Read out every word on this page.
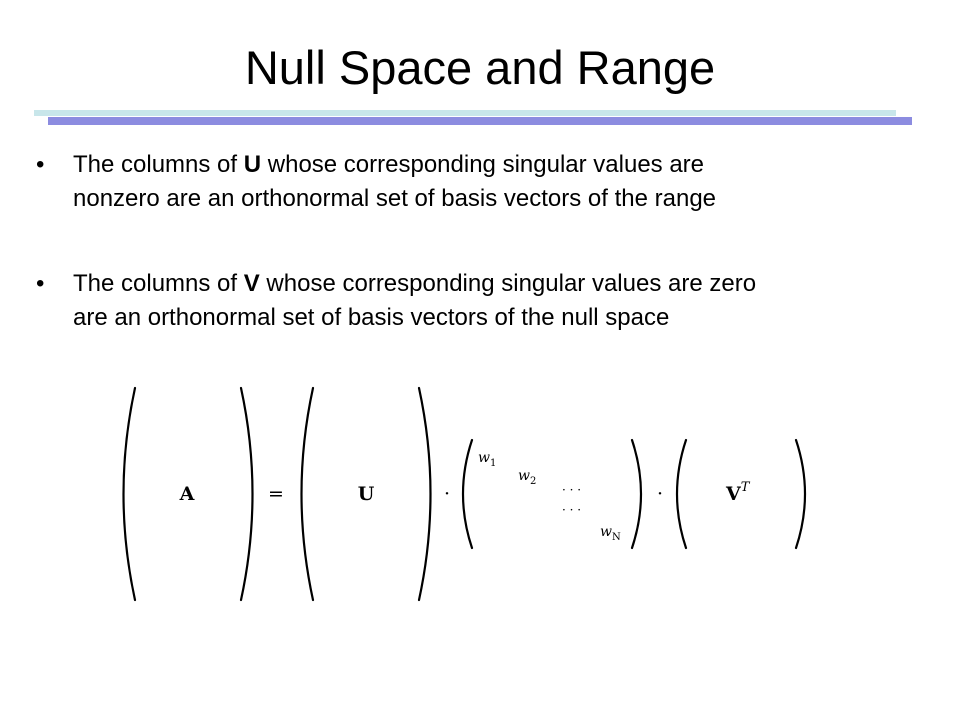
Null Space and Range
•	The columns of U whose corresponding singular values are
nonzero are an orthonormal set of basis vectors of the range
•	The columns of V whose corresponding singular values are zero
are an orthonormal set of basis vectors of the null space
A	=	U	·
$w_1$
$w_2$
· · ·
· · ·
$w_N$
·	$V^T$
